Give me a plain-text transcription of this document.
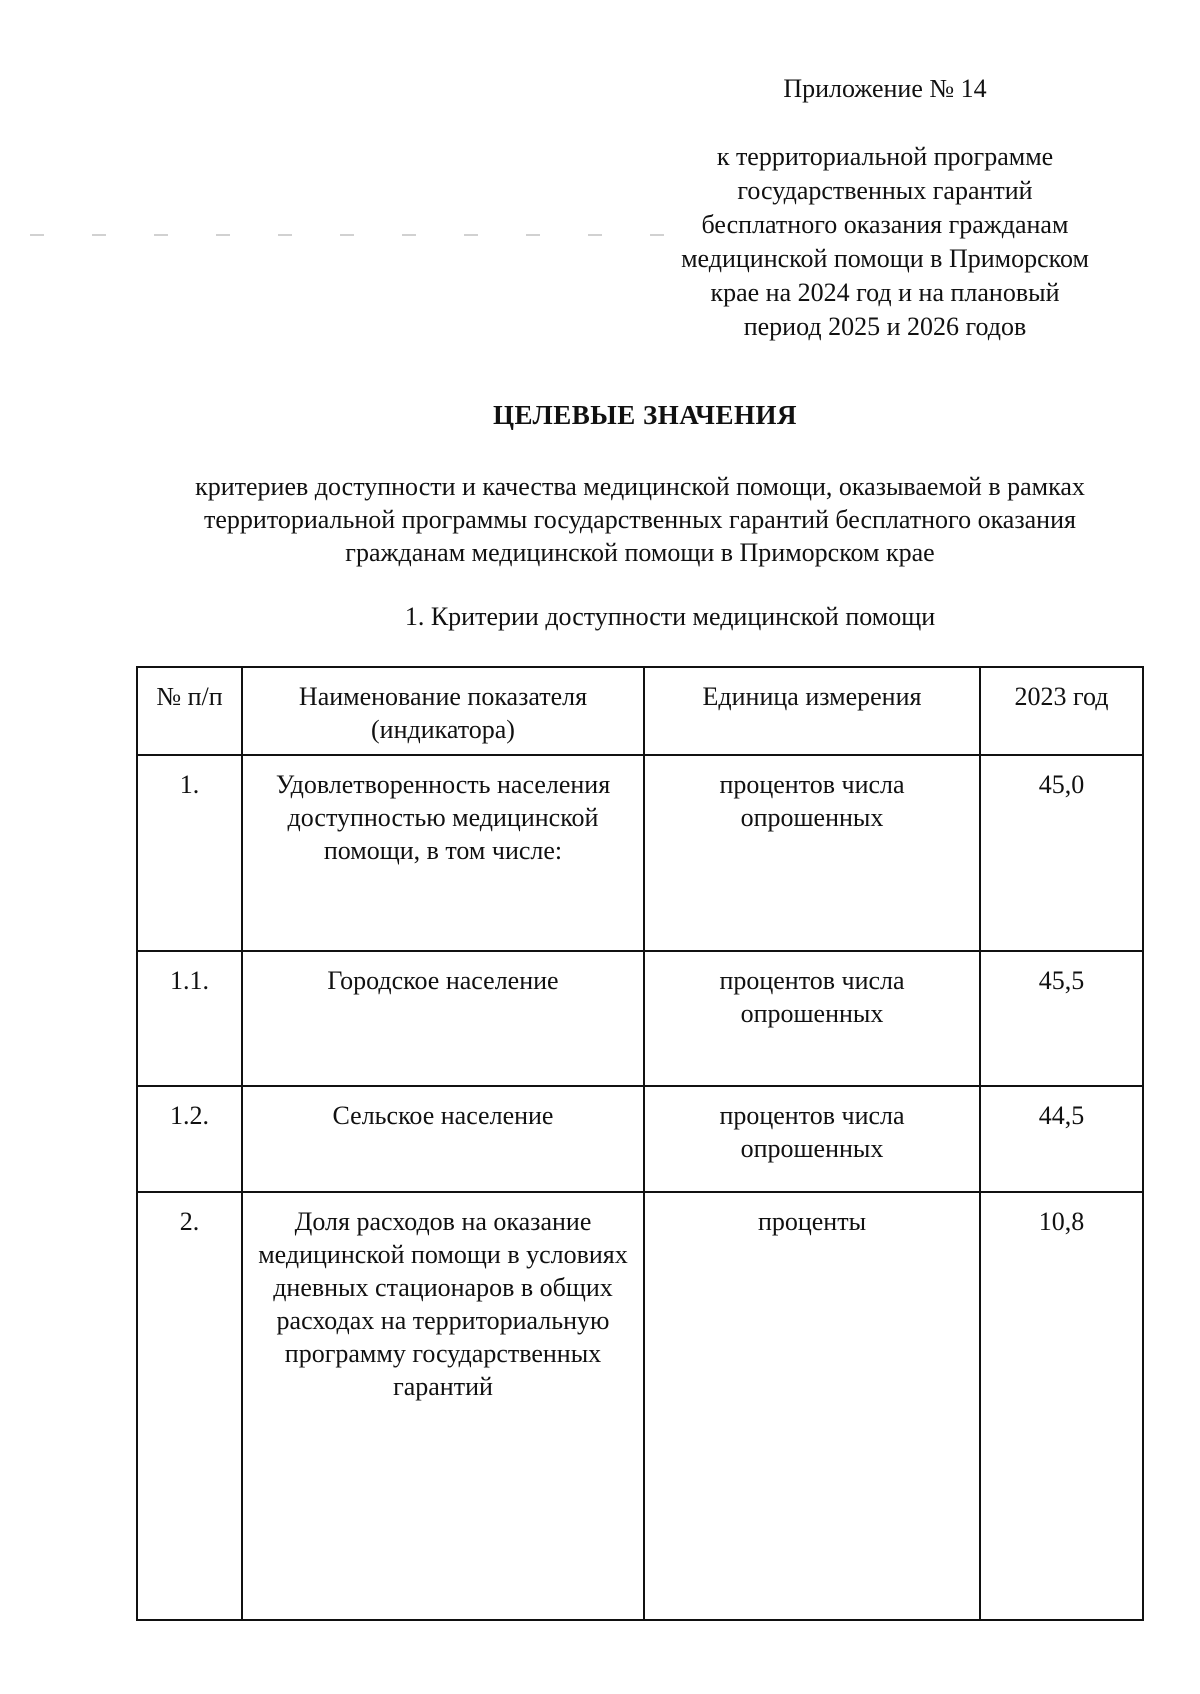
Приложение № 14
к территориальной программе
государственных гарантий
бесплатного оказания гражданам
медицинской помощи в Приморском
крае на 2024 год и на плановый
период 2025 и 2026 годов
ЦЕЛЕВЫЕ ЗНАЧЕНИЯ
критериев доступности и качества медицинской помощи, оказываемой в рамках
территориальной программы государственных гарантий бесплатного оказания
гражданам медицинской помощи в Приморском крае
1. Критерии доступности медицинской помощи
№ п/п	Наименование показателя (индикатора)	Единица измерения	2023 год
1.	Удовлетворенность населения доступностью медицинской помощи, в том числе:	процентов числа опрошенных	45,0
1.1.	Городское население	процентов числа опрошенных	45,5
1.2.	Сельское население	процентов числа опрошенных	44,5
2.	Доля расходов на оказание медицинской помощи в условиях дневных стационаров в общих расходах на территориальную программу государственных гарантий	проценты	10,8
